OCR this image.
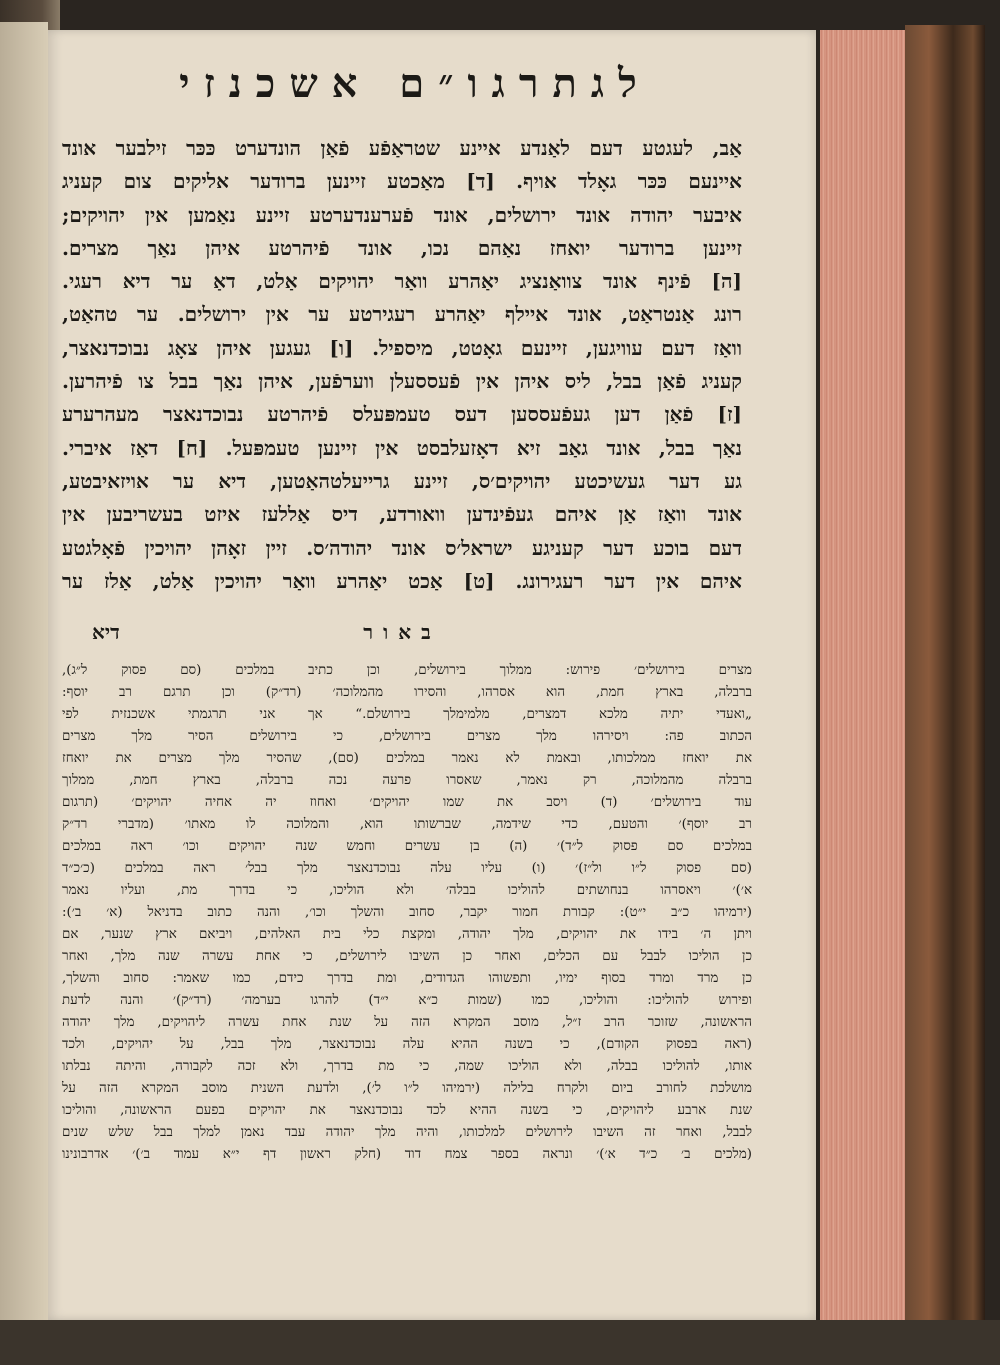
לגתרגו״ם אשכנזי
אַב, לעגטע דעם לאַנדע איינע שטראַפֿע פֿאַן הונדערט כּכּר זילבער אונד
איינעם כּכּר גאָלד אויף. [ד] מאַכטע זיינען ברודער אליקים צום קעניג
איבער יהודה אונד ירושלים, אונד פֿערענדערטע זיינע נאַמען אין יהויקים;
זיינען ברודער יואחז נאַהם נכו, אונד פֿיהרטע איהן נאַך מצרים.
[ה] פֿינף אונד צוואַנציג יאַהרע וואַר יהויקים אַלט, דאַ ער דיא רעגי.
רונג אַנטראַט, אונד איילף יאַהרע רעגירטע ער אין ירושלים. ער טהאַט,
וואַז דעם עוויגען, זיינעם גאָטט, מיספיל. [ו] געגען איהן צאָג נבוכדנאצר,
קעניג פֿאַן בבל, ליס איהן אין פֿעססעלן ווערפֿען, איהן נאַך בבל צו פֿיהרען.
[ז] פֿאַן דען געפֿעססען דעס טעמפּעלס פֿיהרטע נבוכדנאצר מעהרערע
נאַך בבל, אונד גאַב זיא דאָזעלבסט אין זיינען טעמפּעל. [ח] דאַז איברי.
גע דער געשיכטע יהויקים׳ס, זיינע גרייעלטהאַטען, דיא ער אויזאיבטע,
אונד וואַז אַן איהם געפֿינדען וואורדע, דיס אַללעז איזט בעשריבען אין
דעם בוכע דער קעניגע ישראל׳ס אונד יהודה׳ס. זיין זאָהן יהויכין פֿאָלגטע
איהם אין דער רעגירונג. [ט] אַכט יאַהרע וואַר יהויכין אַלט, אַלז ער
באור
דיא
מצרים בירושלים׳ פירוש: ממלוך בירושלים, וכן כתיב במלכים (סם פסוק ל״ג),
ברבלה, בארץ חמת, הוא אסרהו, והסירו מהמלוכה׳ (רד״ק) וכן תרגם רב יוסף:
„ואעדי יתיה מלכא דמצרים, מלמימלך בירושלם.“ אך אני תרגמתי אשכנזית לפי
הכתוב פה: ויסירהו מלך מצרים בירושלים, כי בירושלים הסיר מלך מצרים
את יואחז ממלכותו, ובאמת לא נאמר במלכים (סם), שהסיר מלך מצרים את יואחז
ברבלה מהמלוכה, רק נאמר, שאסרו פרעה נכה ברבלה, בארץ חמת, ממלוך
עוד בירושלים׳ (ד) ויסב את שמו יהויקים׳ ואחוז יה אחיה יהויקים׳ (תרגום
רב יוסף)׳ והטעם, כדי שידמה, שברשותו הוא, והמלוכה לו מאתו׳ (מדברי רד״ק
במלכים סם פסוק ל״ד)׳ (ה) בן עשרים וחמש שנה יהויקים וכו׳ ראה במלכים
(סם פסוק ל״ו ול״ז)׳ (ו) עליו עלה נבוכדנאצר מלך בבל׳ ראה במלכים (כ׳כ״ד
א׳)׳ ויאסרהו בנחושתים להוליכו בבלה׳ ולא הוליכו, כי בדרך מת, ועליו נאמר
(ירמיהו כ״ב י״ט): קבורת חמור יקבר, סחוב והשלך וכו׳, והנה כתוב בדניאל (א׳ ב׳):
ויתן ה׳ בידו את יהויקים, מלך יהודה, ומקצת כלי בית האלהים, ויביאם ארץ שנער, אם
כן הוליכו לבבל עם הכלים, ואחר כן השיבו לירושלים, כי אחת עשרה שנה מלך, ואחר
כן מרד ומרד בסוף ימיו, ותפשוהו הגדודים, ומת בדרך כידם, כמו שאמר: סחוב והשלך,
ופירוש להוליכו: והוליכו, כמו (שמות כ״א י״ד) להרגו בערמה׳ (רד״ק)׳ והנה לדעת
הראשונה, שזוכר הרב ז״ל, מוסב המקרא הזה על שנת אחת עשרה ליהויקים, מלך יהודה
(ראה בפסוק הקודם), כי בשנה ההיא עלה נבוכדנאצר, מלך בבל, על יהויקים, ולכד
אותו, להוליכו בבלה, ולא הוליכו שמה, כי מת בדרך, ולא זכה לקבורה, והיתה נבלתו
מושלכת לחורב ביום ולקרח בלילה (ירמיהו ל״ו ל׳), ולדעת השנית מוסב המקרא הזה על
שנת ארבע ליהויקים, כי בשנה ההיא לכד נבוכדנאצר את יהויקים בפעם הראשונה, והוליכו
לבבל, ואחר זה השיבו לירושלים למלכותו, והיה מלך יהודה עבד נאמן למלך בבל שלש שנים
(מלכים ב׳ כ״ד א׳)׳ ונראה בספר צמח דוד (חלק ראשון דף י״א עמוד ב׳)׳ אדרבונינו
